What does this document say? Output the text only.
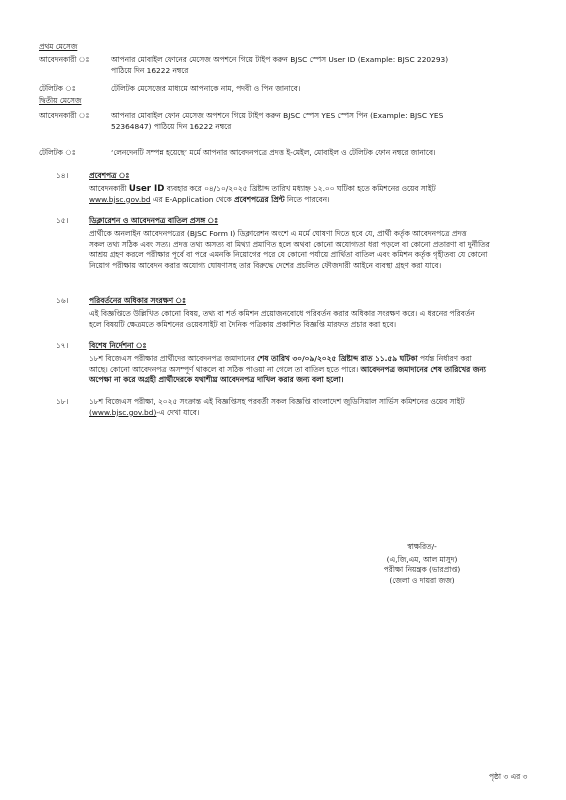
প্রথম মেসেজ
আবেদনকারী ঃ	আপনার মোবাইল ফোনের মেসেজ অপশনে গিয়ে টাইপ করুন BJSC স্পেস User ID (Example: BJSC 220293)
পাঠিয়ে দিন 16222 নম্বরে
টেলিটক ঃ	টেলিটক মেসেজের মাধ্যমে আপনাকে নাম, পদবী ও পিন জানাবে।
দ্বিতীয় মেসেজ
আবেদনকারী ঃ	আপনার মোবাইল ফোন মেসেজ অপশনে গিয়ে টাইপ করুন BJSC স্পেস YES স্পেস পিন (Example: BJSC YES
52364847) পাঠিয়ে দিন 16222 নম্বরে
টেলিটক ঃ	‘লেনদেনটি সম্পন্ন হয়েছে’ মর্মে আপনার আবেদনপত্রে প্রদত্ত ই-মেইল, মোবাইল ও টেলিটক ফোন নম্বরে জানাবে।
১৪।	প্রবেশপত্র ঃ
আবেদনকারী User ID ব্যবহার করে ০৪/১০/২০২৫ খ্রিষ্টাব্দ তারিখ মধ্যাহ্ন ১২.০০ ঘটিকা হতে কমিশনের ওয়েব সাইট
www.bjsc.gov.bd এর E-Application থেকে প্রবেশপত্রের প্রিন্ট নিতে পারবেন।
১৫।	ডিক্লারেশন ও আবেদনপত্র বাতিল প্রসঙ্গ ঃ
প্রার্থীকে অনলাইন আবেদনপত্রের (BJSC Form I) ডিক্লারেশন অংশে এ মর্মে ঘোষণা দিতে হবে যে, প্রার্থী কর্তৃক আবেদনপত্রে প্রদত্ত
সকল তথ্য সঠিক এবং সত্য। প্রদত্ত তথ্য অসত্য বা মিথ্যা প্রমাণিত হলে অথবা কোনো অযোগ্যতা ধরা পড়লে বা কোনো প্রতারণা বা দুর্নীতির
আশ্রয় গ্রহণ করলে পরীক্ষার পূর্বে বা পরে এমনকি নিয়োগের পরে যে কোনো পর্যায়ে প্রার্থিতা বাতিল এবং কমিশন কর্তৃক গৃহীতব্য যে কোনো
নিয়োগ পরীক্ষায় আবেদন করার অযোগ্য ঘোষণাসহ তার বিরুদ্ধে দেশের প্রচলিত ফৌজদারী আইনে ব্যবস্থা গ্রহণ করা যাবে।
১৬।	পরিবর্তনের অধিকার সংরক্ষণ ঃ
এই বিজ্ঞপ্তিতে উল্লিখিত কোনো বিষয়, তথ্য বা শর্ত কমিশন প্রয়োজনবোধে পরিবর্তন করার অধিকার সংরক্ষণ করে। এ ধরনের পরিবর্তন
হলে বিষয়টি ক্ষেত্রমতে কমিশনের ওয়েবসাইট বা দৈনিক পত্রিকায় প্রকাশিত বিজ্ঞপ্তি মারফত প্রচার করা হবে।
১৭।	বিশেষ নির্দেশনা ঃ
১৮শ বিজেএস পরীক্ষার প্রার্থীদের আবেদনপত্র জমাদানের শেষ তারিখ ৩০/০৯/২০২৫ খ্রিষ্টাব্দ রাত ১১.৫৯ ঘটিকা পর্যন্ত নির্ধারণ করা
আছে। কোনো আবেদনপত্র অসম্পূর্ণ থাকলে বা সঠিক পাওয়া না গেলে তা বাতিল হতে পারে। আবেদনপত্র জমাদানের শেষ তারিখের জন্য
অপেক্ষা না করে অগ্রহী প্রার্থীদেরকে যথাশীঘ্র আবেদনপত্র দাখিল করার জন্য বলা হলো।
১৮।	১৮শ বিজেএস পরীক্ষা, ২০২৫ সংক্রান্ত এই বিজ্ঞপ্তিসহ পরবর্তী সকল বিজ্ঞপ্তি বাংলাদেশ জুডিসিয়াল সার্ভিস কমিশনের ওয়েব সাইট
(www.bjsc.gov.bd)-এ দেখা যাবে।
স্বাক্ষরিত/-
(এ,জি,এম, আল মাসুদ)
পরীক্ষা নিয়ন্ত্রক (ভারপ্রাপ্ত)
(জেলা ও দায়রা জজ)
পৃষ্ঠা ৩ এর ৩
